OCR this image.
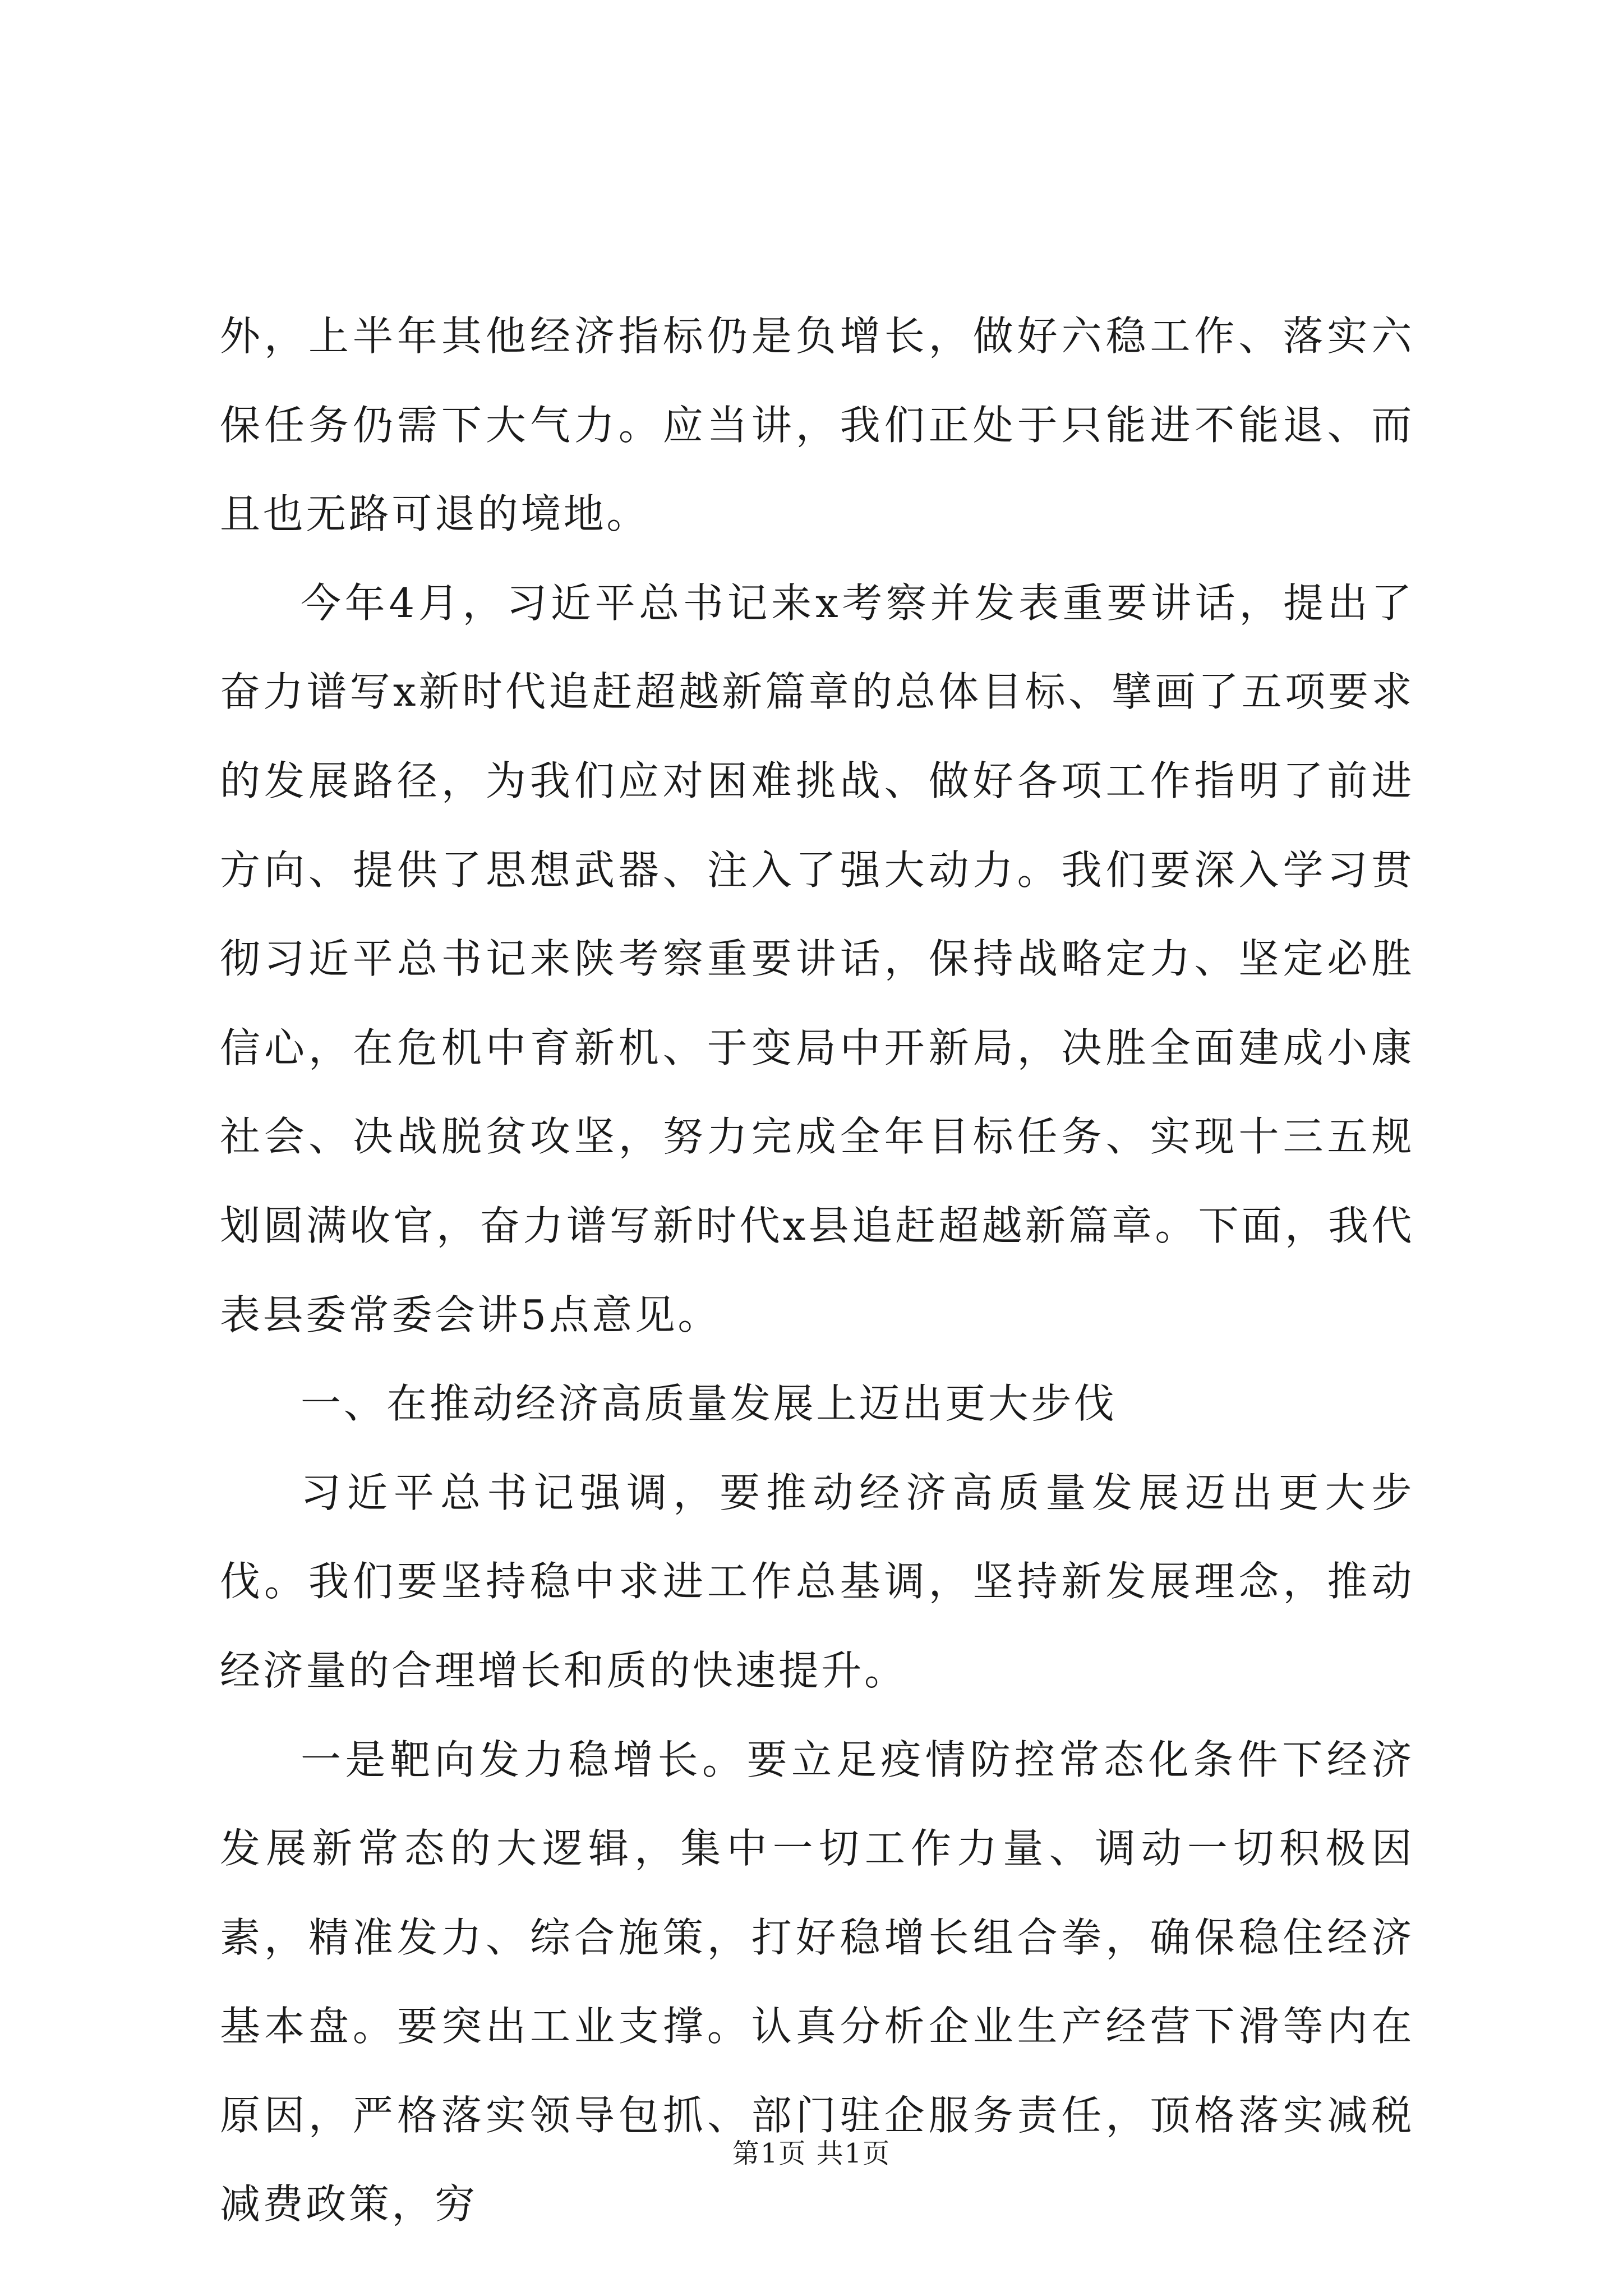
外，上半年其他经济指标仍是负增长，做好六稳工作、落实六保任务仍需下大气力。应当讲，我们正处于只能进不能退、而且也无路可退的境地。

今年4月，习近平总书记来x考察并发表重要讲话，提出了奋力谱写x新时代追赶超越新篇章的总体目标、擘画了五项要求的发展路径，为我们应对困难挑战、做好各项工作指明了前进方向、提供了思想武器、注入了强大动力。我们要深入学习贯彻习近平总书记来陕考察重要讲话，保持战略定力、坚定必胜信心，在危机中育新机、于变局中开新局，决胜全面建成小康社会、决战脱贫攻坚，努力完成全年目标任务、实现十三五规划圆满收官，奋力谱写新时代x县追赶超越新篇章。下面，我代表县委常委会讲5点意见。

一、在推动经济高质量发展上迈出更大步伐

习近平总书记强调，要推动经济高质量发展迈出更大步伐。我们要坚持稳中求进工作总基调，坚持新发展理念，推动经济量的合理增长和质的快速提升。

一是靶向发力稳增长。要立足疫情防控常态化条件下经济发展新常态的大逻辑，集中一切工作力量、调动一切积极因素，精准发力、综合施策，打好稳增长组合拳，确保稳住经济基本盘。要突出工业支撑。认真分析企业生产经营下滑等内在原因，严格落实领导包抓、部门驻企服务责任，顶格落实减税减费政策，穷

第1页 共1页
